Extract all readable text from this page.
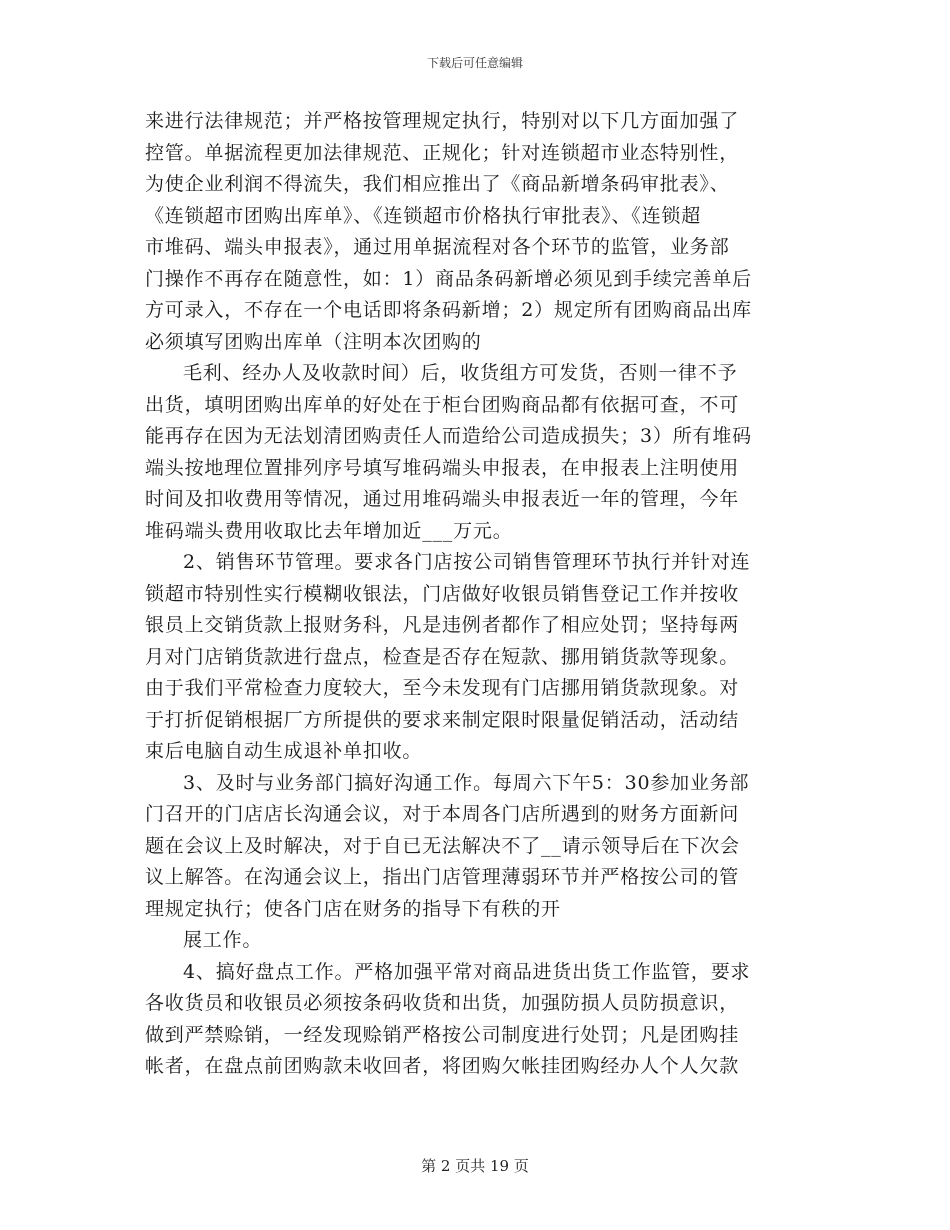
下载后可任意编辑
来进行法律规范；并严格按管理规定执行，特别对以下几方面加强了
控管。单据流程更加法律规范、正规化；针对连锁超市业态特别性，
为使企业利润不得流失，我们相应推出了《商品新增条码审批表》、
《连锁超市团购出库单》、《连锁超市价格执行审批表》、《连锁超
市堆码、端头申报表》，通过用单据流程对各个环节的监管，业务部
门操作不再存在随意性，如：1）商品条码新增必须见到手续完善单后
方可录入，不存在一个电话即将条码新增；2）规定所有团购商品出库
必须填写团购出库单（注明本次团购的
毛利、经办人及收款时间）后，收货组方可发货，否则一律不予
出货，填明团购出库单的好处在于柜台团购商品都有依据可查，不可
能再存在因为无法划清团购责任人而造给公司造成损失；3）所有堆码
端头按地理位置排列序号填写堆码端头申报表，在申报表上注明使用
时间及扣收费用等情况，通过用堆码端头申报表近一年的管理，今年
堆码端头费用收取比去年增加近___万元。
2、销售环节管理。要求各门店按公司销售管理环节执行并针对连
锁超市特别性实行模糊收银法，门店做好收银员销售登记工作并按收
银员上交销货款上报财务科，凡是违例者都作了相应处罚；坚持每两
月对门店销货款进行盘点，检查是否存在短款、挪用销货款等现象。
由于我们平常检查力度较大，至今未发现有门店挪用销货款现象。对
于打折促销根据厂方所提供的要求来制定限时限量促销活动，活动结
束后电脑自动生成退补单扣收。
3、及时与业务部门搞好沟通工作。每周六下午5：30参加业务部
门召开的门店店长沟通会议，对于本周各门店所遇到的财务方面新问
题在会议上及时解决，对于自已无法解决不了__请示领导后在下次会
议上解答。在沟通会议上，指出门店管理薄弱环节并严格按公司的管
理规定执行；使各门店在财务的指导下有秩的开
展工作。
4、搞好盘点工作。严格加强平常对商品进货出货工作监管，要求
各收货员和收银员必须按条码收货和出货，加强防损人员防损意识，
做到严禁赊销，一经发现赊销严格按公司制度进行处罚；凡是团购挂
帐者，在盘点前团购款未收回者，将团购欠帐挂团购经办人个人欠款
第 2 页共 19 页
